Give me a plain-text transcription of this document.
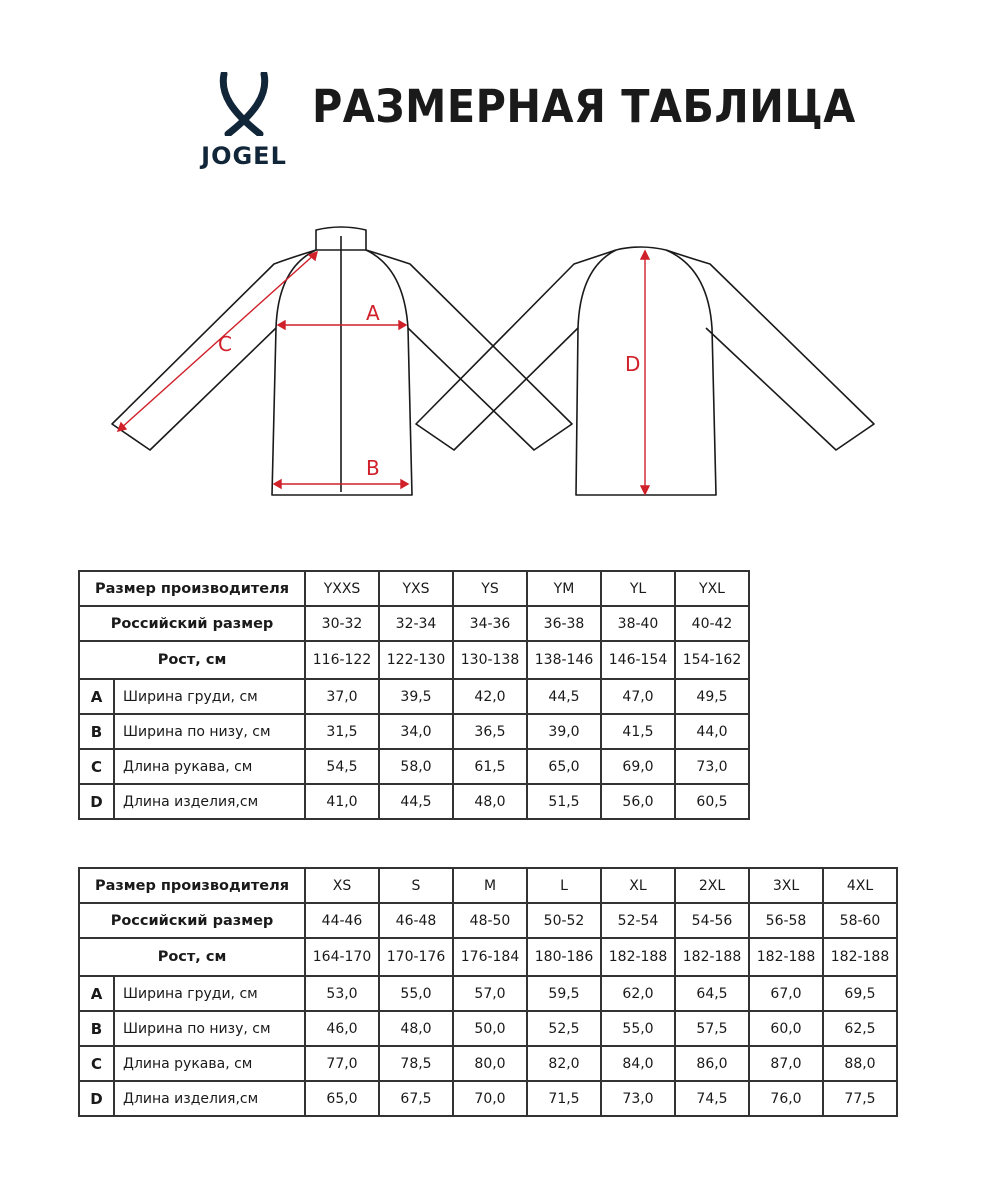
JOGEL
РАЗМЕРНАЯ ТАБЛИЦА
A
B
C
D
Размер производителя		YXXS	YXS	YS	YM	YL	YXL
Российский размер		30-32	32-34	34-36	36-38	38-40	40-42
Рост, см		116-122	122-130	130-138	138-146	146-154	154-162
A	Ширина груди, см	37,0	39,5	42,0	44,5	47,0	49,5
B	Ширина по низу, см	31,5	34,0	36,5	39,0	41,5	44,0
C	Длина рукава, см	54,5	58,0	61,5	65,0	69,0	73,0
D	Длина изделия,см	41,0	44,5	48,0	51,5	56,0	60,5
Размер производителя		XS	S	M	L	XL	2XL	3XL	4XL
Российский размер		44-46	46-48	48-50	50-52	52-54	54-56	56-58	58-60
Рост, см		164-170	170-176	176-184	180-186	182-188	182-188	182-188	182-188
A	Ширина груди, см	53,0	55,0	57,0	59,5	62,0	64,5	67,0	69,5
B	Ширина по низу, см	46,0	48,0	50,0	52,5	55,0	57,5	60,0	62,5
C	Длина рукава, см	77,0	78,5	80,0	82,0	84,0	86,0	87,0	88,0
D	Длина изделия,см	65,0	67,5	70,0	71,5	73,0	74,5	76,0	77,5
